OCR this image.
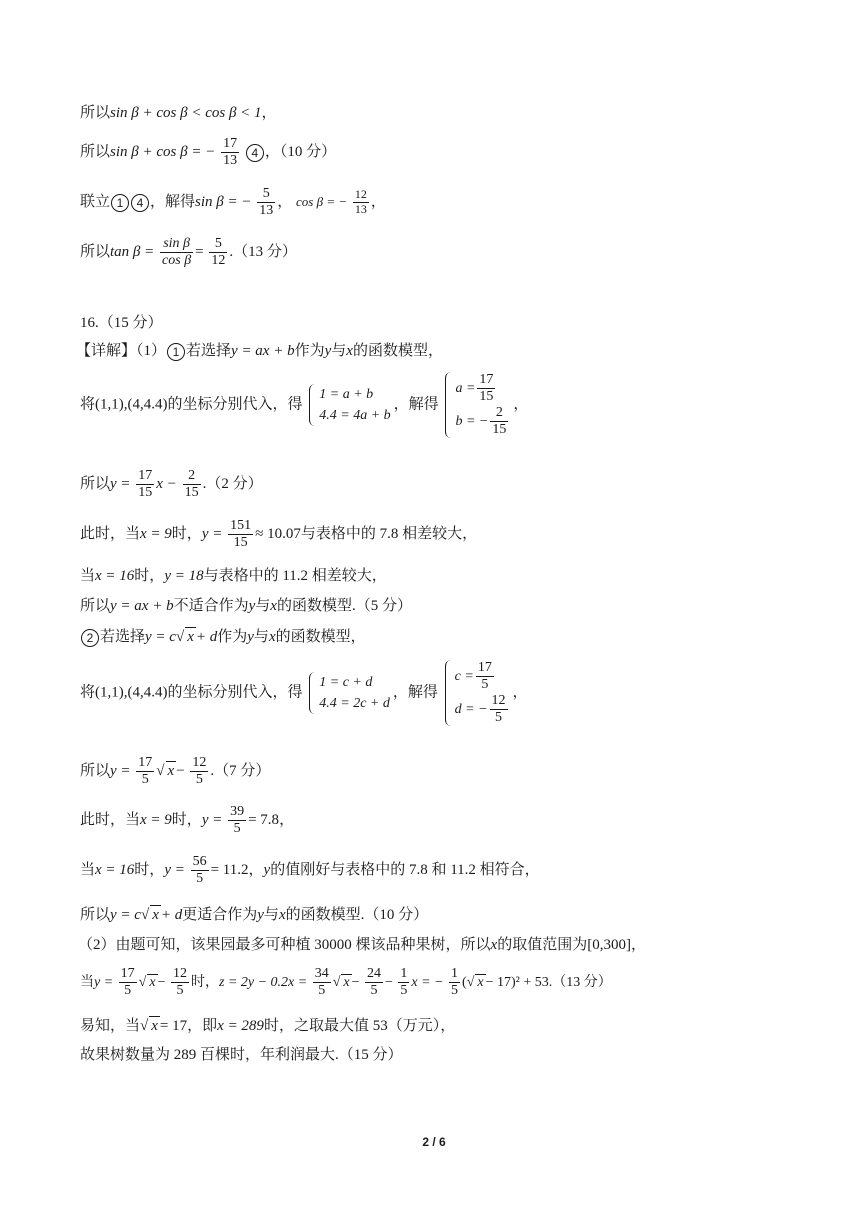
所以sin β + cos β < cos β < 1，
所以sin β + cos β = − $\frac{17}{13} 4$ ，（10 分）
联立 1 4 ，解得sin β = − $\frac{5}{13}$ ， cos β = − $\frac{12}{13}$ ，
所以$\tan \beta = \frac{\text{sin β}}{\text{cos β}} = \frac{5}{12} .(13$ 分）
16.（15 分）
【详解】（1） 1 若选择y = ax + b作为y与x的函数模型，
将(1,1),(4,4.4)的坐标分别代入，得
1 = a + b
4.4 = 4a + b
，解得
$a = \frac{17}{15}$
b = − $\frac{2}{15}$
，
所以$y = \frac{17}{15}$ $x - \frac{2}{15} .(2$ 分）
此时，当x = 9时，$y = \frac{151}{15} \approx 10.07$与表格中的 7.8 相差较大，
当x = 16时，y = 18与表格中的 11.2 相差较大，
所以y = ax + b不适合作为y与x的函数模型.（5 分）
2 若选择y = c√ x + d作为y与x的函数模型，
将(1,1),(4,4.4)的坐标分别代入，得
1 = c + d
4.4 = 2c + d
，解得
$c = \frac{17}{5}$
d = − $\frac{12}{5}$
，
所以$y = \frac{17}{5}$ √ $x - \frac{12}{5} .(7$ 分）
此时，当x = 9时，$y = \frac{39}{5} = 7.8$，
当x = 16时，$y = \frac{56}{5} = 11.2$，y的值刚好与表格中的 7.8 和 11.2 相符合，
所以y = c√ x + d更适合作为y与x的函数模型.（10 分）
（2）由题可知，该果园最多可种植 30000 棵该品种果树，所以x的取值范围为[0,300]，
当$y = \frac{17}{5}$ √ $x - \frac{12}{5}$ 时，$z = 2y - 0.2x = \frac{34}{5}$ √ $x - \frac{24}{5} - \frac{1}{5}$ x = − $\frac{1}{5}$ (√ x − 17)² + 53.（13 分）
易知，当√ x = 17，即x = 289时，之取最大值 53（万元），
故果树数量为 289 百棵时，年利润最大.（15 分）
2 / 6
